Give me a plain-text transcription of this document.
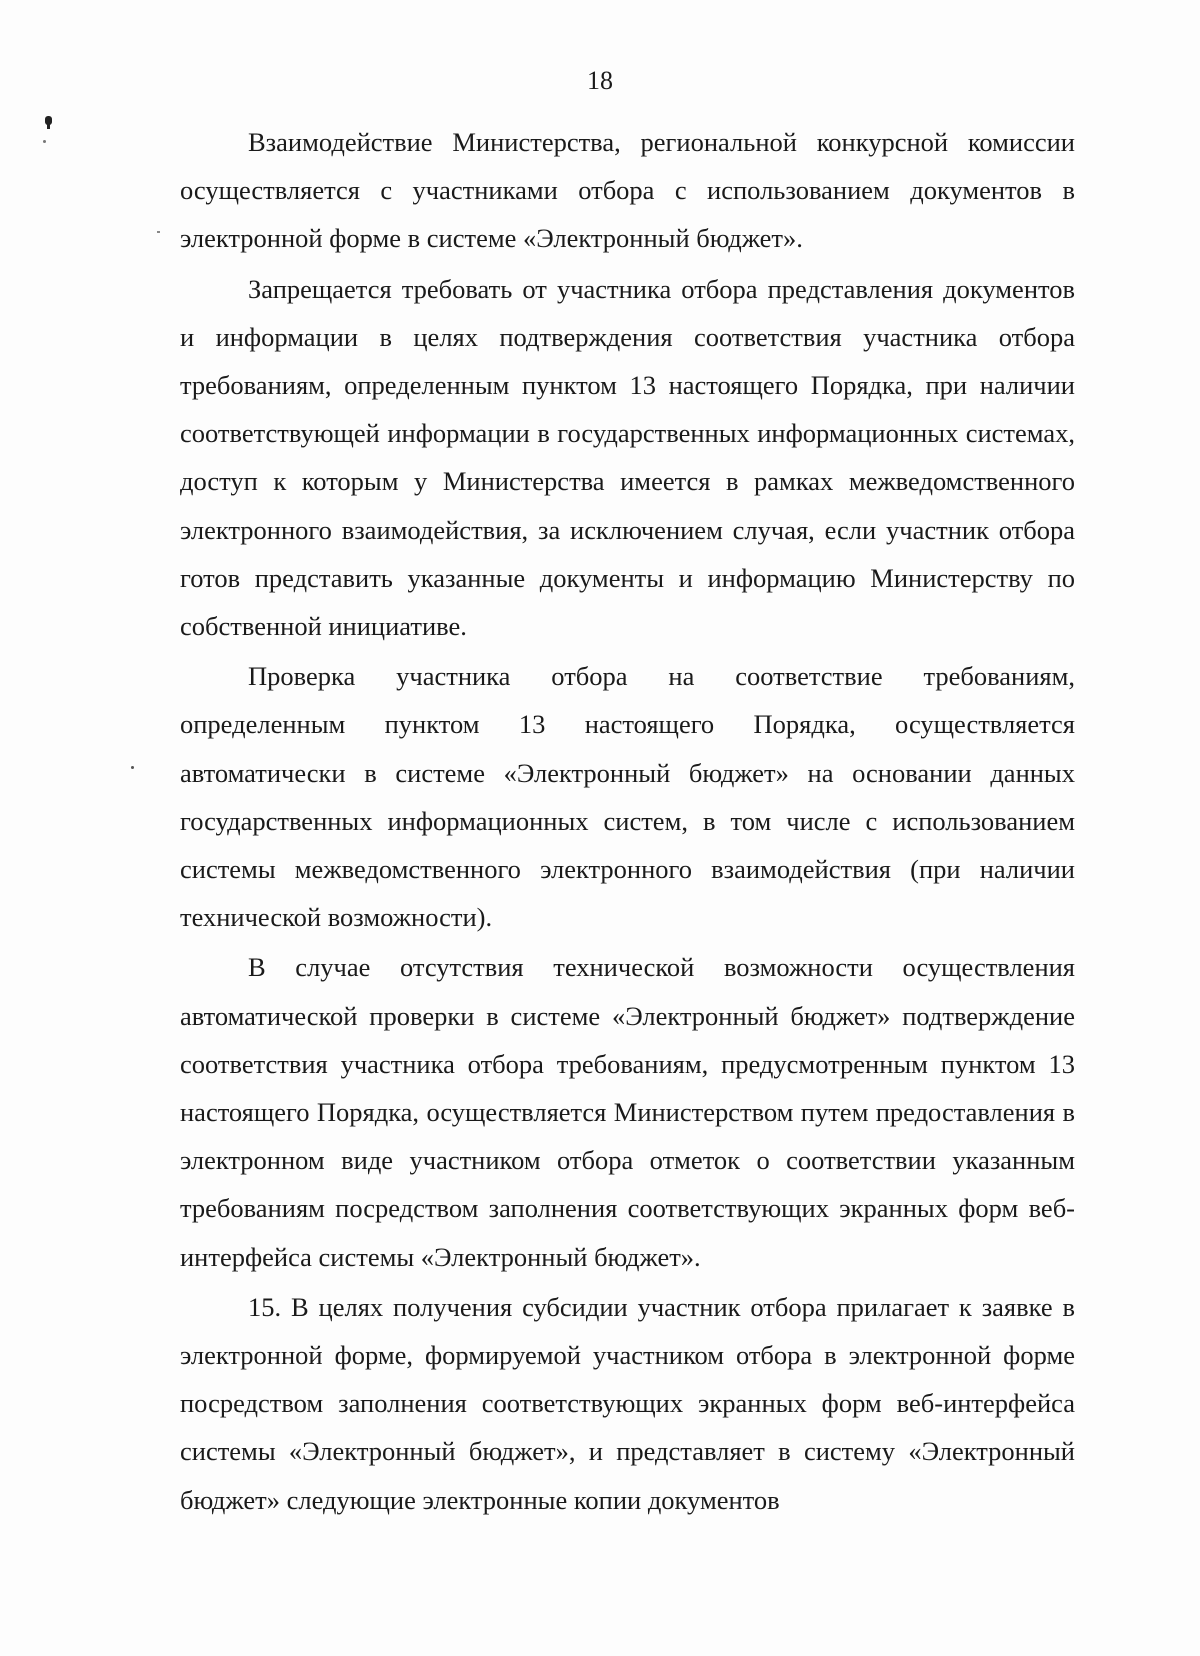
18

Взаимодействие Министерства, региональной конкурсной комиссии осуществляется с участниками отбора с использованием документов в электронной форме в системе «Электронный бюджет».

Запрещается требовать от участника отбора представления документов и информации в целях подтверждения соответствия участника отбора требованиям, определенным пунктом 13 настоящего Порядка, при наличии соответствующей информации в государственных информационных системах, доступ к которым у Министерства имеется в рамках межведомственного электронного взаимодействия, за исключением случая, если участник отбора готов представить указанные документы и информацию Министерству по собственной инициативе.

Проверка участника отбора на соответствие требованиям, определенным пунктом 13 настоящего Порядка, осуществляется автоматически в системе «Электронный бюджет» на основании данных государственных информационных систем, в том числе с использованием системы межведомственного электронного взаимодействия (при наличии технической возможности).

В случае отсутствия технической возможности осуществления автоматической проверки в системе «Электронный бюджет» подтверждение соответствия участника отбора требованиям, предусмотренным пунктом 13 настоящего Порядка, осуществляется Министерством путем предоставления в электронном виде участником отбора отметок о соответствии указанным требованиям посредством заполнения соответствующих экранных форм веб-интерфейса системы «Электронный бюджет».

15. В целях получения субсидии участник отбора прилагает к заявке в электронной форме, формируемой участником отбора в электронной форме посредством заполнения соответствующих экранных форм веб-интерфейса системы «Электронный бюджет», и представляет в систему «Электронный бюджет» следующие электронные копии документов
